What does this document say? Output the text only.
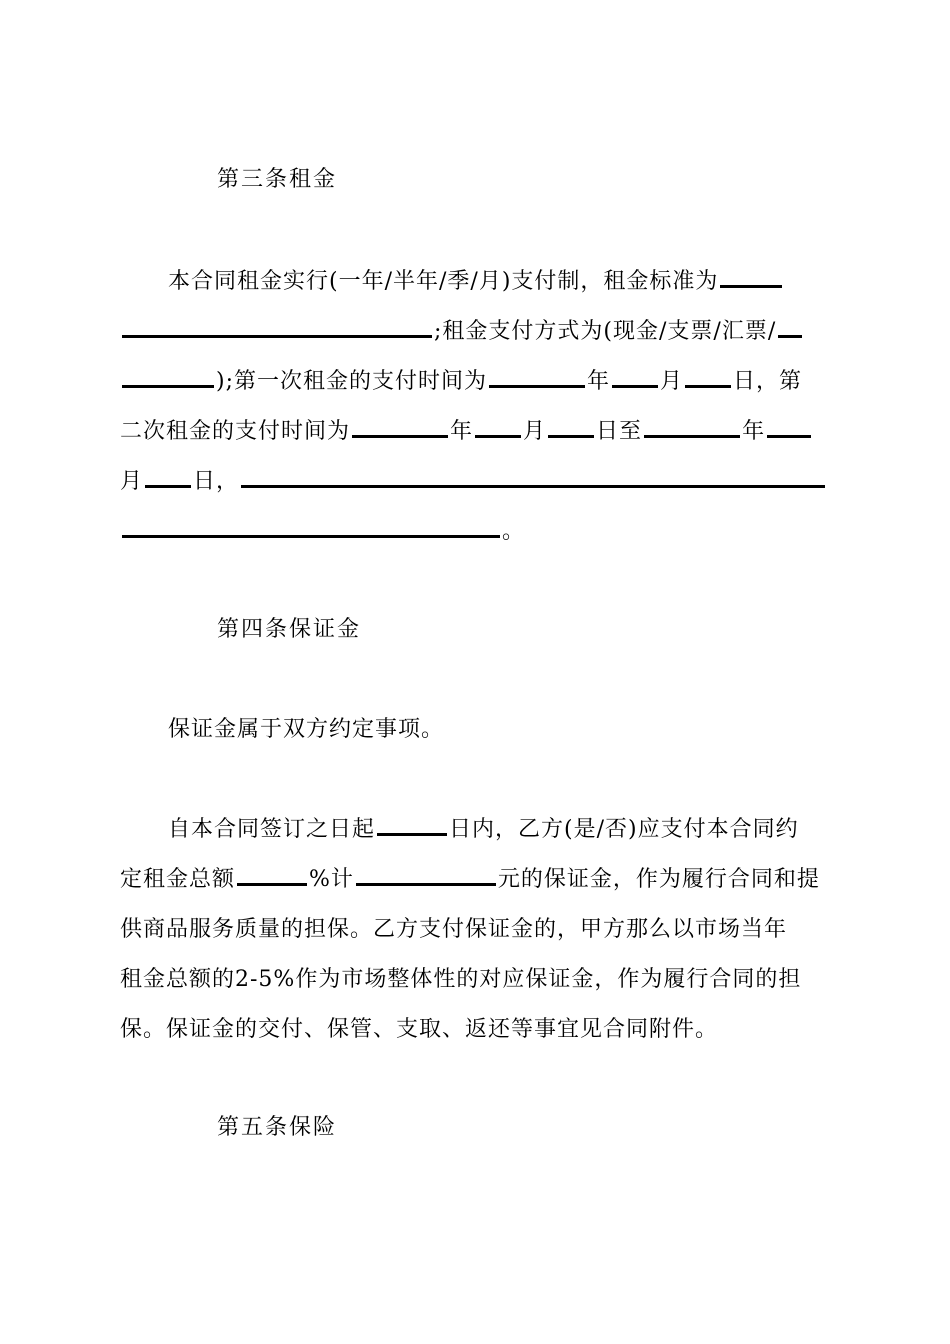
第三条租金
本合同租金实行(一年/半年/季/月)支付制，租金标准为
;租金支付方式为(现金/支票/汇票/
);第一次租金的支付时间为	年 月 日，第
二次租金的支付时间为	年 月 日至	年
月 日，
。
第四条保证金
保证金属于双方约定事项。
自本合同签订之日起	日内，乙方(是/否)应支付本合同约
定租金总额	%计	元的保证金，作为履行合同和提
供商品服务质量的担保。乙方支付保证金的，甲方那么以市场当年
租金总额的2-5%作为市场整体性的对应保证金，作为履行合同的担
保。保证金的交付、保管、支取、返还等事宜见合同附件。
第五条保险
